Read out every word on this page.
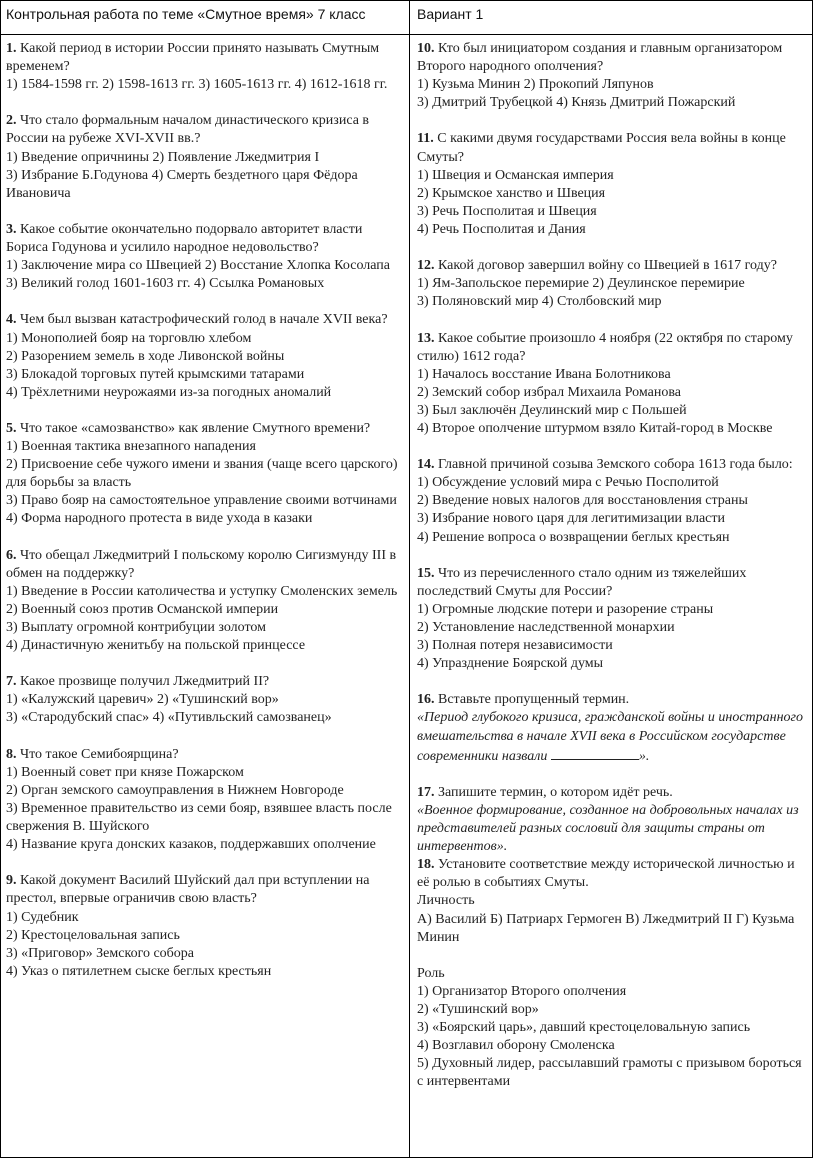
Контрольная работа по теме «Смутное время» 7 класс	Вариант 1

1. Какой период в истории России принято называть Смутным временем?

1) 1584-1598 гг. 2) 1598-1613 гг. 3) 1605-1613 гг. 4) 1612-1618 гг.

2. Что стало формальным началом династического кризиса в России на рубеже XVI-XVII вв.?

1) Введение опричнины 2) Появление Лжедмитрия I

3) Избрание Б.Годунова 4) Смерть бездетного царя Фёдора Ивановича

3. Какое событие окончательно подорвало авторитет власти Бориса Годунова и усилило народное недовольство?

1) Заключение мира со Швецией 2) Восстание Хлопка Косолапа

3) Великий голод 1601-1603 гг. 4) Ссылка Романовых

4. Чем был вызван катастрофический голод в начале XVII века?

1) Монополией бояр на торговлю хлебом

2) Разорением земель в ходе Ливонской войны

3) Блокадой торговых путей крымскими татарами

4) Трёхлетними неурожаями из-за погодных аномалий

5. Что такое «самозванство» как явление Смутного времени?

1) Военная тактика внезапного нападения

2) Присвоение себе чужого имени и звания (чаще всего царского) для борьбы за власть

3) Право бояр на самостоятельное управление своими вотчинами

4) Форма народного протеста в виде ухода в казаки

6. Что обещал Лжедмитрий I польскому королю Сигизмунду III в обмен на поддержку?

1) Введение в России католичества и уступку Смоленских земель

2) Военный союз против Османской империи

3) Выплату огромной контрибуции золотом

4) Династичную женитьбу на польской принцессе

7. Какое прозвище получил Лжедмитрий II?

1) «Калужский царевич» 2) «Тушинский вор»

3) «Стародубский спас» 4) «Путивльский самозванец»

8. Что такое Семибоярщина?

1) Военный совет при князе Пожарском

2) Орган земского самоуправления в Нижнем Новгороде

3) Временное правительство из семи бояр, взявшее власть после свержения В. Шуйского

4) Название круга донских казаков, поддержавших ополчение

9. Какой документ Василий Шуйский дал при вступлении на престол, впервые ограничив свою власть?

1) Судебник

2) Крестоцеловальная запись

3) «Приговор» Земского собора

4) Указ о пятилетнем сыске беглых крестьян

10. Кто был инициатором создания и главным организатором Второго народного ополчения?

1) Кузьма Минин 2) Прокопий Ляпунов

3) Дмитрий Трубецкой 4) Князь Дмитрий Пожарский

11. С какими двумя государствами Россия вела войны в конце Смуты?

1) Швеция и Османская империя

2) Крымское ханство и Швеция

3) Речь Посполитая и Швеция

4) Речь Посполитая и Дания

12. Какой договор завершил войну со Швецией в 1617 году?

1) Ям-Запольское перемирие 2) Деулинское перемирие

3) Поляновский мир 4) Столбовский мир

13. Какое событие произошло 4 ноября (22 октября по старому стилю) 1612 года?

1) Началось восстание Ивана Болотникова

2) Земский собор избрал Михаила Романова

3) Был заключён Деулинский мир с Польшей

4) Второе ополчение штурмом взяло Китай-город в Москве

14. Главной причиной созыва Земского собора 1613 года было:

1) Обсуждение условий мира с Речью Посполитой

2) Введение новых налогов для восстановления страны

3) Избрание нового царя для легитимизации власти

4) Решение вопроса о возвращении беглых крестьян

15. Что из перечисленного стало одним из тяжелейших последствий Смуты для России?

1) Огромные людские потери и разорение страны

2) Установление наследственной монархии

3) Полная потеря независимости

4) Упразднение Боярской думы

16. Вставьте пропущенный термин.

«Период глубокого кризиса, гражданской войны и иностранного вмешательства в начале XVII века в Российском государстве современники назвали	».

17. Запишите термин, о котором идёт речь.

«Военное формирование, созданное на добровольных началах из представителей разных сословий для защиты страны от интервентов».

18. Установите соответствие между исторической личностью и её ролью в событиях Смуты.

Личность

А) Василий Б) Патриарх Гермоген В) Лжедмитрий II Г) Кузьма Минин

Роль

1) Организатор Второго ополчения

2) «Тушинский вор»

3) «Боярский царь», давший крестоцеловальную запись

4) Возглавил оборону Смоленска

5) Духовный лидер, рассылавший грамоты с призывом бороться с интервентами
